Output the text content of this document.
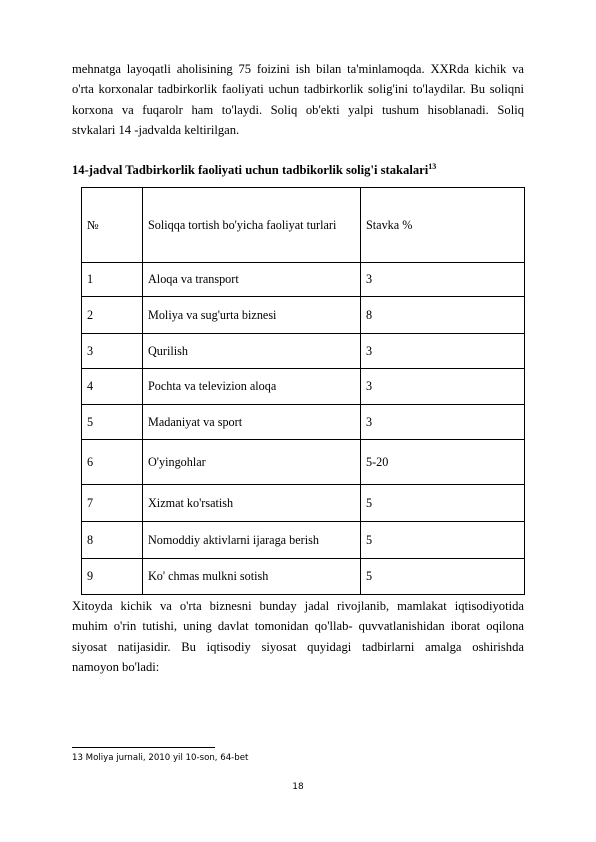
mehnatga layoqatli aholisining 75 foizini ish bilan ta'minlamoqda. XXRda kichik va
o'rta korxonalar tadbirkorlik faoliyati uchun tadbirkorlik solig'ini to'laydilar. Bu soliqni
korxona va fuqarolr ham to'laydi. Soliq ob'ekti yalpi tushum hisoblanadi. Soliq
stvkalari 14 -jadvalda keltirilgan.
14-jadval Tadbirkorlik faoliyati uchun tadbikorlik solig'i stakalari$^{13}$
№	Soliqqa tortish bo'yicha faoliyat turlari	Stavka %
1	Aloqa va transport	3
2	Moliya va sug'urta biznesi	8
3	Qurilish	3
4	Pochta va televizion aloqa	3
5	Madaniyat va sport	3
6	O'yingohlar	5-20
7	Xizmat ko'rsatish	5
8	Nomoddiy aktivlarni ijaraga berish	5
9	Ko' chmas mulkni sotish	5
Xitoyda kichik va o'rta biznesni bunday jadal rivojlanib, mamlakat iqtisodiyotida
muhim o'rin tutishi, uning davlat tomonidan qo'llab- quvvatlanishidan iborat oqilona
siyosat natijasidir. Bu iqtisodiy siyosat quyidagi tadbirlarni amalga oshirishda
namoyon bo'ladi:
13 Moliya jurnali, 2010 yil 10-son, 64-bet
18
